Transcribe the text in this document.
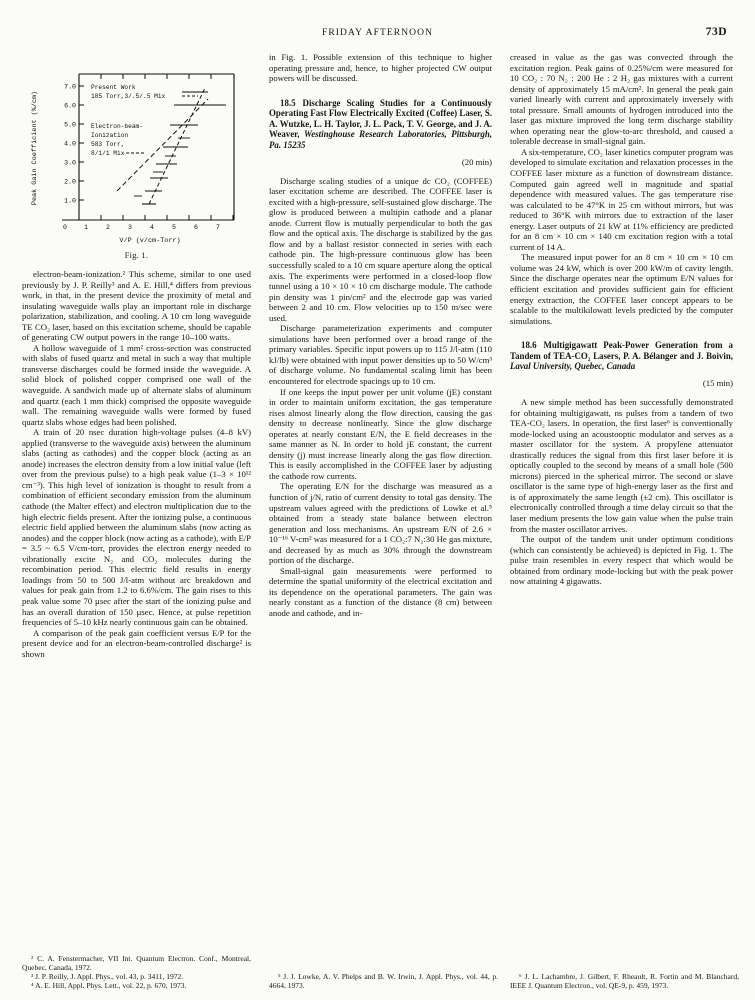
FRIDAY AFTERNOON	73D
7.0
6.0
5.0
4.0
3.0
2.0
1.0
0	1	2	3	4	5	6	7
Peak Gain Coefficient (%/cm)
V/P (v/cm-Torr)
Present Work
185 Torr,3/.5/.5 Mix
Electron-beam-
Ionization
583 Torr,
8/1/1 Mix
Fig. 1.

electron-beam-ionization.² This scheme, similar to one used previously by J. P. Reilly³ and A. E. Hill,⁴ differs from previous work, in that, in the present device the proximity of metal and insulating waveguide walls play an important role in discharge polarization, stabilization, and cooling. A 10 cm long waveguide TE CO₂ laser, based on this excitation scheme, should be capable of generating CW output powers in the range 10–100 watts.

A hollow waveguide of 1 mm² cross-section was constructed with slabs of fused quartz and metal in such a way that multiple transverse discharges could be formed inside the waveguide. A solid block of polished copper comprised one wall of the waveguide. A sandwich made up of alternate slabs of aluminum and quartz (each 1 mm thick) comprised the opposite waveguide wall. The remaining waveguide walls were formed by fused quartz slabs whose edges had been polished.

A train of 20 nsec duration high-voltage pulses (4–8 kV) applied (transverse to the waveguide axis) between the aluminum slabs (acting as cathodes) and the copper block (acting as an anode) increases the electron density from a low initial value (left over from the previous pulse) to a high peak value (1–3 × 10¹² cm⁻³). This high level of ionization is thought to result from a combination of efficient secondary emission from the aluminum cathode (the Malter effect) and electron multiplication due to the high electric fields present. After the ionizing pulse, a continuous electric field applied between the aluminum slabs (now acting as anodes) and the copper block (now acting as a cathode), with E/P = 3.5 ~ 6.5 V/cm-torr, provides the electron energy needed to vibrationally excite N₂ and CO₂ molecules during the recombination period. This electric field results in energy loadings from 50 to 500 J/l-atm without arc breakdown and values for peak gain from 1.2 to 6.6%/cm. The gain rises to this peak value some 70 µsec after the start of the ionizing pulse and has an overall duration of 150 µsec. Hence, at pulse repetition frequencies of 5–10 kHz nearly continuous gain can be obtained.

A comparison of the peak gain coefficient versus E/P for the present device and for an electron-beam-controlled discharge² is shown

² C. A. Fenstermacher, VII Int. Quantum Electron. Conf., Montreal, Quebec, Canada, 1972.

³ J. P. Reilly, J. Appl. Phys., vol. 43, p. 3411, 1972.

⁴ A. E. Hill, Appl. Phys. Lett., vol. 22, p. 670, 1973.

in Fig. 1. Possible extension of this technique to higher operating pressure and, hence, to higher projected CW output powers will be discussed.

18.5 Discharge Scaling Studies for a Continuously Operating Fast Flow Electrically Excited (Coffee) Laser, S. A. Wutzke, L. H. Taylor, J. L. Pack, T. V. George, and J. A. Weaver, Westinghouse Research Laboratories, Pittsburgh, Pa. 15235

(20 min)

Discharge scaling studies of a unique dc CO₂ (COFFEE) laser excitation scheme are described. The COFFEE laser is excited with a high-pressure, self-sustained glow discharge. The glow is produced between a multipin cathode and a planar anode. Current flow is mutually perpendicular to both the gas flow and the optical axis. The discharge is stabilized by the gas flow and by a ballast resistor connected in series with each cathode pin. The high-pressure continuous glow has been successfully scaled to a 10 cm square aperture along the optical axis. The experiments were performed in a closed-loop flow tunnel using a 10 × 10 × 10 cm discharge module. The cathode pin density was 1 pin/cm² and the electrode gap was varied between 2 and 10 cm. Flow velocities up to 150 m/sec were used.

Discharge parameterization experiments and computer simulations have been performed over a broad range of the primary variables. Specific input powers up to 115 J/l-atm (110 kJ/lb) were obtained with input power densities up to 50 W/cm³ of discharge volume. No fundamental scaling limit has been encountered for electrode spacings up to 10 cm.

If one keeps the input power per unit volume (jE) constant in order to maintain uniform excitation, the gas temperature rises almost linearly along the flow direction, causing the gas density to decrease nonlinearly. Since the glow discharge operates at nearly constant E/N, the E field decreases in the same manner as N. In order to hold jE constant, the current density (j) must increase linearly along the gas flow direction. This is easily accomplished in the COFFEE laser by adjusting the cathode row currents.

The operating E/N for the discharge was measured as a function of j/N, ratio of current density to total gas density. The upstream values agreed with the predictions of Lowke et al.⁵ obtained from a steady state balance between electron generation and loss mechanisms. An upstream E/N of 2.6 × 10⁻¹⁶ V-cm² was measured for a 1 CO₂:7 N₂:30 He gas mixture, and decreased by as much as 30% through the downstream portion of the discharge.

Small-signal gain measurements were performed to determine the spatial uniformity of the electrical excitation and its dependence on the operational parameters. The gain was nearly constant as a function of the distance (8 cm) between anode and cathode, and in-

⁵ J. J. Lowke, A. V. Phelps and B. W. Irwin, J. Appl. Phys., vol. 44, p. 4664, 1973.

creased in value as the gas was convected through the excitation region. Peak gains of 0.25%/cm were measured for 10 CO₂ : 70 N₂ : 200 He : 2 H₂ gas mixtures with a current density of approximately 15 mA/cm². In general the peak gain varied linearly with current and approximately inversely with total pressure. Small amounts of hydrogen introduced into the laser gas mixture improved the long term discharge stability when operating near the glow-to-arc threshold, and caused a tolerable decrease in small-signal gain.

A six-temperature, CO₂ laser kinetics computer program was developed to simulate excitation and relaxation processes in the COFFEE laser mixture as a function of downstream distance. Computed gain agreed well in magnitude and spatial dependence with measured values. The gas temperature rise was calculated to be 47°K in 25 cm without mirrors, but was reduced to 36°K with mirrors due to extraction of the laser energy. Laser outputs of 21 kW at 11% efficiency are predicted for an 8 cm × 10 cm × 140 cm excitation region with a total current of 14 A.

The measured input power for an 8 cm × 10 cm × 10 cm volume was 24 kW, which is over 200 kW/m of cavity length. Since the discharge operates near the optimum E/N values for efficient excitation and provides sufficient gain for efficient energy extraction, the COFFEE laser concept appears to be scalable to the multikilowatt levels predicted by the computer simulations.

18.6 Multigigawatt Peak-Power Generation from a Tandem of TEA-CO₂ Lasers, P. A. Bélanger and J. Boivin, Laval University, Quebec, Canada

(15 min)

A new simple method has been successfully demonstrated for obtaining multigigawatt, ns pulses from a tandem of two TEA-CO₂ lasers. In operation, the first laser⁶ is conventionally mode-locked using an acoustooptic modulator and serves as a master oscillator for the system. A propylene attenuator drastically reduces the signal from this first laser before it is optically coupled to the second by means of a small hole (500 microns) pierced in the spherical mirror. The second or slave oscillator is the same type of high-energy laser as the first and is of approximately the same length (±2 cm). This oscillator is electronically controlled through a time delay circuit so that the laser medium presents the low gain value when the pulse train from the master oscillator arrives.

The output of the tandem unit under optimum conditions (which can consistently be achieved) is depicted in Fig. 1. The pulse train resembles in every respect that which would be obtained from ordinary mode-locking but with the peak power now attaining 4 gigawatts.

⁶ J. L. Lachambre, J. Gilbert, F. Rheault, R. Fortin and M. Blanchard, IEEE J. Quantum Electron., vol. QE-9, p. 459, 1973.
